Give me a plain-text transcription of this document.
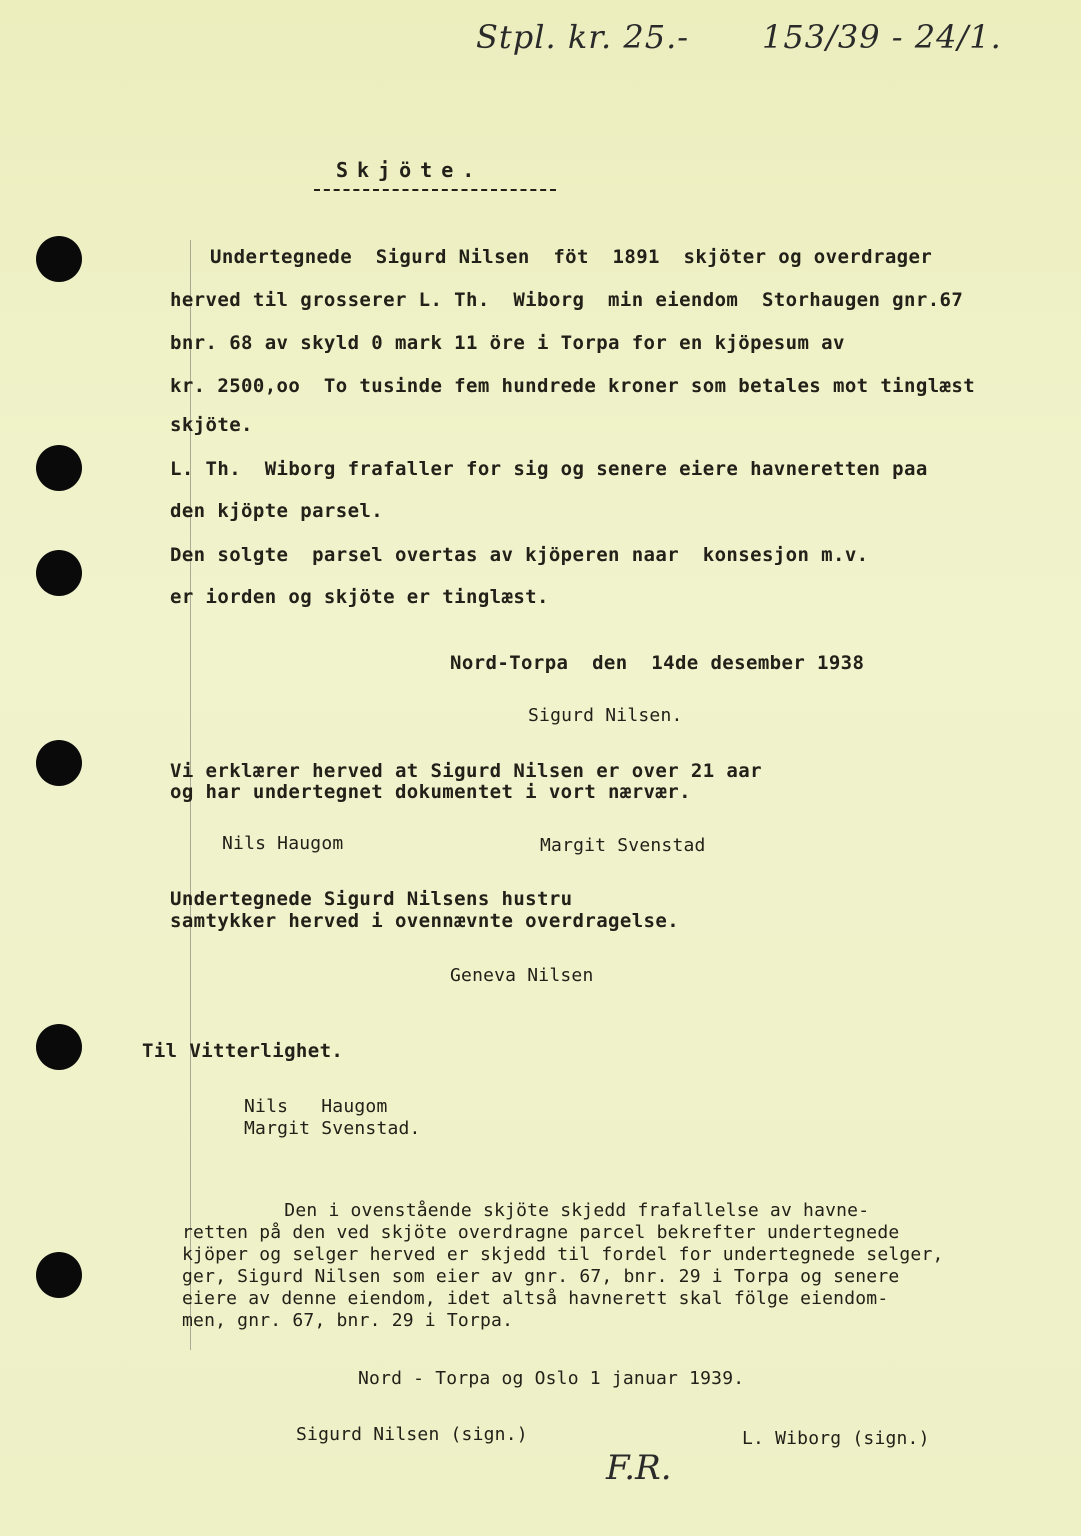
Stpl. kr. 25.- 153/39 - 24/1.
Skjöte.
Undertegnede  Sigurd Nilsen  föt  1891  skjöter og overdrager
herved til grosserer L. Th.  Wiborg  min eiendom  Storhaugen gnr.67
bnr. 68 av skyld 0 mark 11 öre i Torpa for en kjöpesum av
kr. 2500,oo  To tusinde fem hundrede kroner som betales mot tinglæst
skjöte.
L. Th.  Wiborg frafaller for sig og senere eiere havneretten paa
den kjöpte parsel.
Den solgte  parsel overtas av kjöperen naar  konsesjon m.v.
er iorden og skjöte er tinglæst.
Nord-Torpa  den  14de desember 1938
Sigurd Nilsen.
Vi erklærer herved at Sigurd Nilsen er over 21 aar
og har undertegnet dokumentet i vort nærvær.
Nils Haugom	Margit Svenstad
Undertegnede Sigurd Nilsens hustru
samtykker herved i ovennævnte overdragelse.
Geneva Nilsen
Til Vitterlighet.
Nils   Haugom
Margit Svenstad.
Den i ovenstående skjöte skjedd frafallelse av havne-
retten på den ved skjöte overdragne parcel bekrefter undertegnede
kjöper og selger herved er skjedd til fordel for undertegnede selger,
ger, Sigurd Nilsen som eier av gnr. 67, bnr. 29 i Torpa og senere
eiere av denne eiendom, idet altså havnerett skal fölge eiendom-
men, gnr. 67, bnr. 29 i Torpa.
Nord - Torpa og Oslo 1 januar 1939.
Sigurd Nilsen (sign.)	L. Wiborg (sign.)
F.R.
